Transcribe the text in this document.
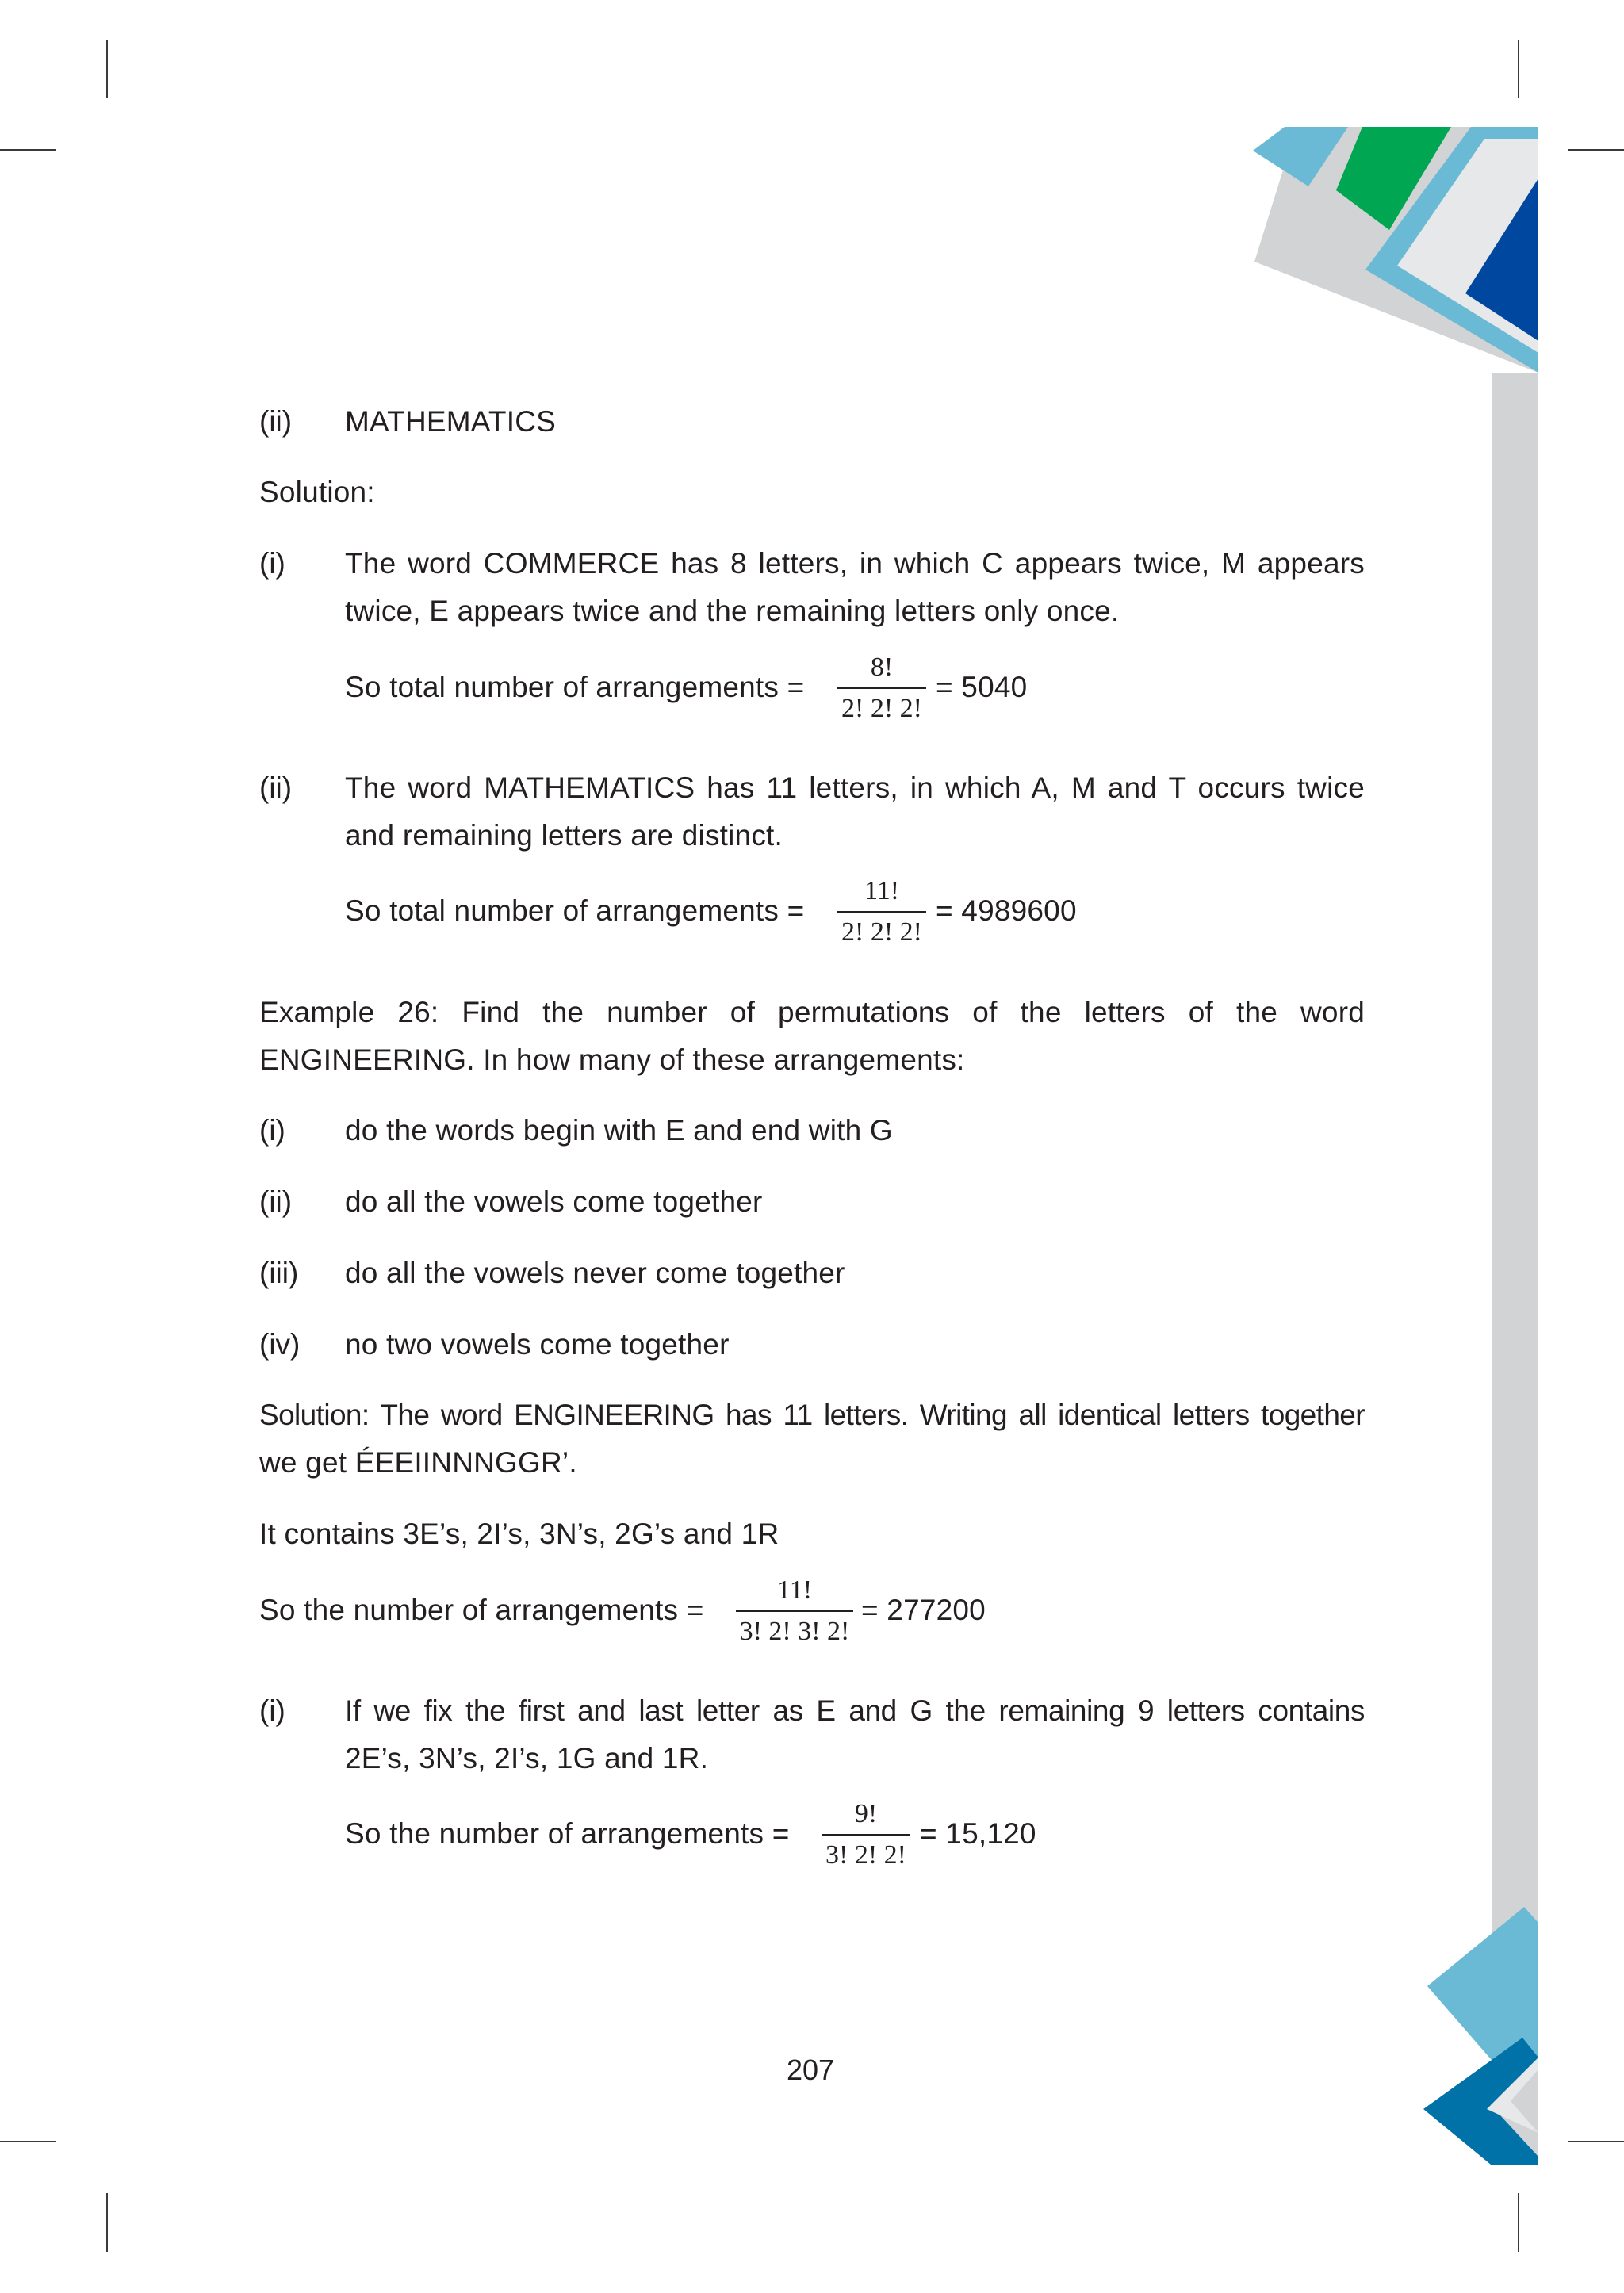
(ii) MATHEMATICS
Solution:
(i) The word COMMERCE has 8 letters, in which C appears twice, M appears
twice, E appears twice and the remaining letters only once.
So total number of arrangements =
8!
2! 2! 2!
= 5040
(ii) The word MATHEMATICS has 11 letters, in which A, M and T occurs twice
and remaining letters are distinct.
So total number of arrangements =
11!
2! 2! 2!
= 4989600
Example 26: Find the number of permutations of the letters of the word
ENGINEERING. In how many of these arrangements:
(i) do the words begin with E and end with G
(ii) do all the vowels come together
(iii) do all the vowels never come together
(iv) no two vowels come together
Solution: The word ENGINEERING has 11 letters. Writing all identical letters together
we get ÉEEIINNNGGR’.
It contains 3E’s, 2I’s, 3N’s, 2G’s and 1R
So the number of arrangements =
11!
3! 2! 3! 2!
= 277200
(i) If we fix the first and last letter as E and G the remaining 9 letters contains
2E’s, 3N’s, 2I’s, 1G and 1R.
So the number of arrangements =
9!
3! 2! 2!
= 15,120
207
